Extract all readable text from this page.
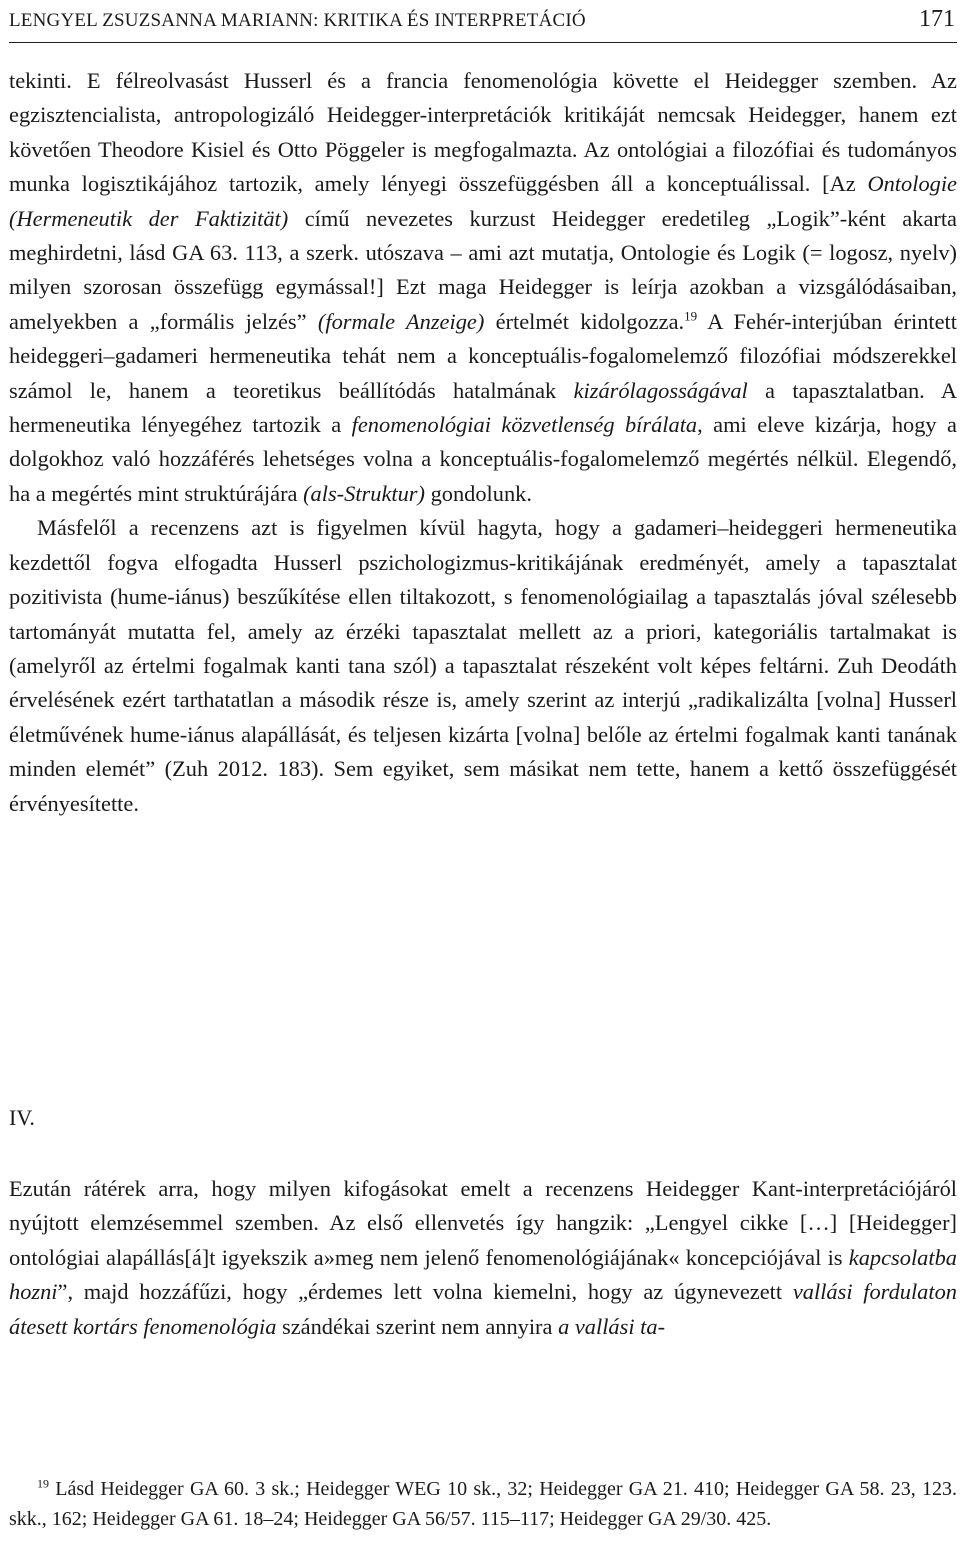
LENGYEL ZSUZSANNA MARIANN: KRITIKA ÉS INTERPRETÁCIÓ	171

tekinti. E félreolvasást Husserl és a francia fenomenológia követte el Heidegger szemben. Az egzisztencialista, antropologizáló Heidegger-interpretációk kritikáját nemcsak Heidegger, hanem ezt követően Theodore Kisiel és Otto Pöggeler is megfogalmazta. Az ontológiai a filozófiai és tudományos munka logisztikájához tartozik, amely lényegi összefüggésben áll a konceptuálissal. [Az Ontologie (Hermeneutik der Faktizität) című nevezetes kurzust Heidegger eredetileg „Logik”-ként akarta meghirdetni, lásd GA 63. 113, a szerk. utószava – ami azt mutatja, Ontologie és Logik (= logosz, nyelv) milyen szorosan összefügg egymással!] Ezt maga Heidegger is leírja azokban a vizsgálódásaiban, amelyekben a „formális jelzés” (formale Anzeige) értelmét kidolgozza.$^{19}$ A Fehér-interjúban érintett heideggeri–gadameri hermeneutika tehát nem a konceptuális-fogalomelemző filozófiai módszerekkel számol le, hanem a teoretikus beállítódás hatalmának kizárólagosságával a tapasztalatban. A hermeneutika lényegéhez tartozik a fenomenológiai közvetlenség bírálata, ami eleve kizárja, hogy a dolgokhoz való hozzáférés lehetséges volna a konceptuális-fogalomelemző megértés nélkül. Elegendő, ha a megértés mint struktúrájára (als-Struktur) gondolunk.

Másfelől a recenzens azt is figyelmen kívül hagyta, hogy a gadameri–heideggeri hermeneutika kezdettől fogva elfogadta Husserl pszichologizmus-kritikájának eredményét, amely a tapasztalat pozitivista (hume-iánus) beszűkítése ellen tiltakozott, s fenomenológiailag a tapasztalás jóval szélesebb tartományát mutatta fel, amely az érzéki tapasztalat mellett az a priori, kategoriális tartalmakat is (amelyről az értelmi fogalmak kanti tana szól) a tapasztalat részeként volt képes feltárni. Zuh Deodáth érvelésének ezért tarthatatlan a második része is, amely szerint az interjú „radikalizálta [volna] Husserl életművének hume-iánus alapállását, és teljesen kizárta [volna] belőle az értelmi fogalmak kanti tanának minden elemét” (Zuh 2012. 183). Sem egyiket, sem másikat nem tette, hanem a kettő összefüggését érvényesítette.

IV.

Ezután rátérek arra, hogy milyen kifogásokat emelt a recenzens Heidegger Kant-interpretációjáról nyújtott elemzésemmel szemben. Az első ellenvetés így hangzik: „Lengyel cikke […] [Heidegger] ontológiai alapállás[á]t igyekszik a»meg nem jelenő fenomenológiájának« koncepciójával is kapcsolatba hozni”, majd hozzáfűzi, hogy „érdemes lett volna kiemelni, hogy az úgynevezett vallási fordulaton átesett kortárs fenomenológia szándékai szerint nem annyira a vallási ta-

$^{19}$ Lásd Heidegger GA 60. 3 sk.; Heidegger WEG 10 sk., 32; Heidegger GA 21. 410; Heidegger GA 58. 23, 123. skk., 162; Heidegger GA 61. 18–24; Heidegger GA 56/57. 115–117; Heidegger GA 29/30. 425.
